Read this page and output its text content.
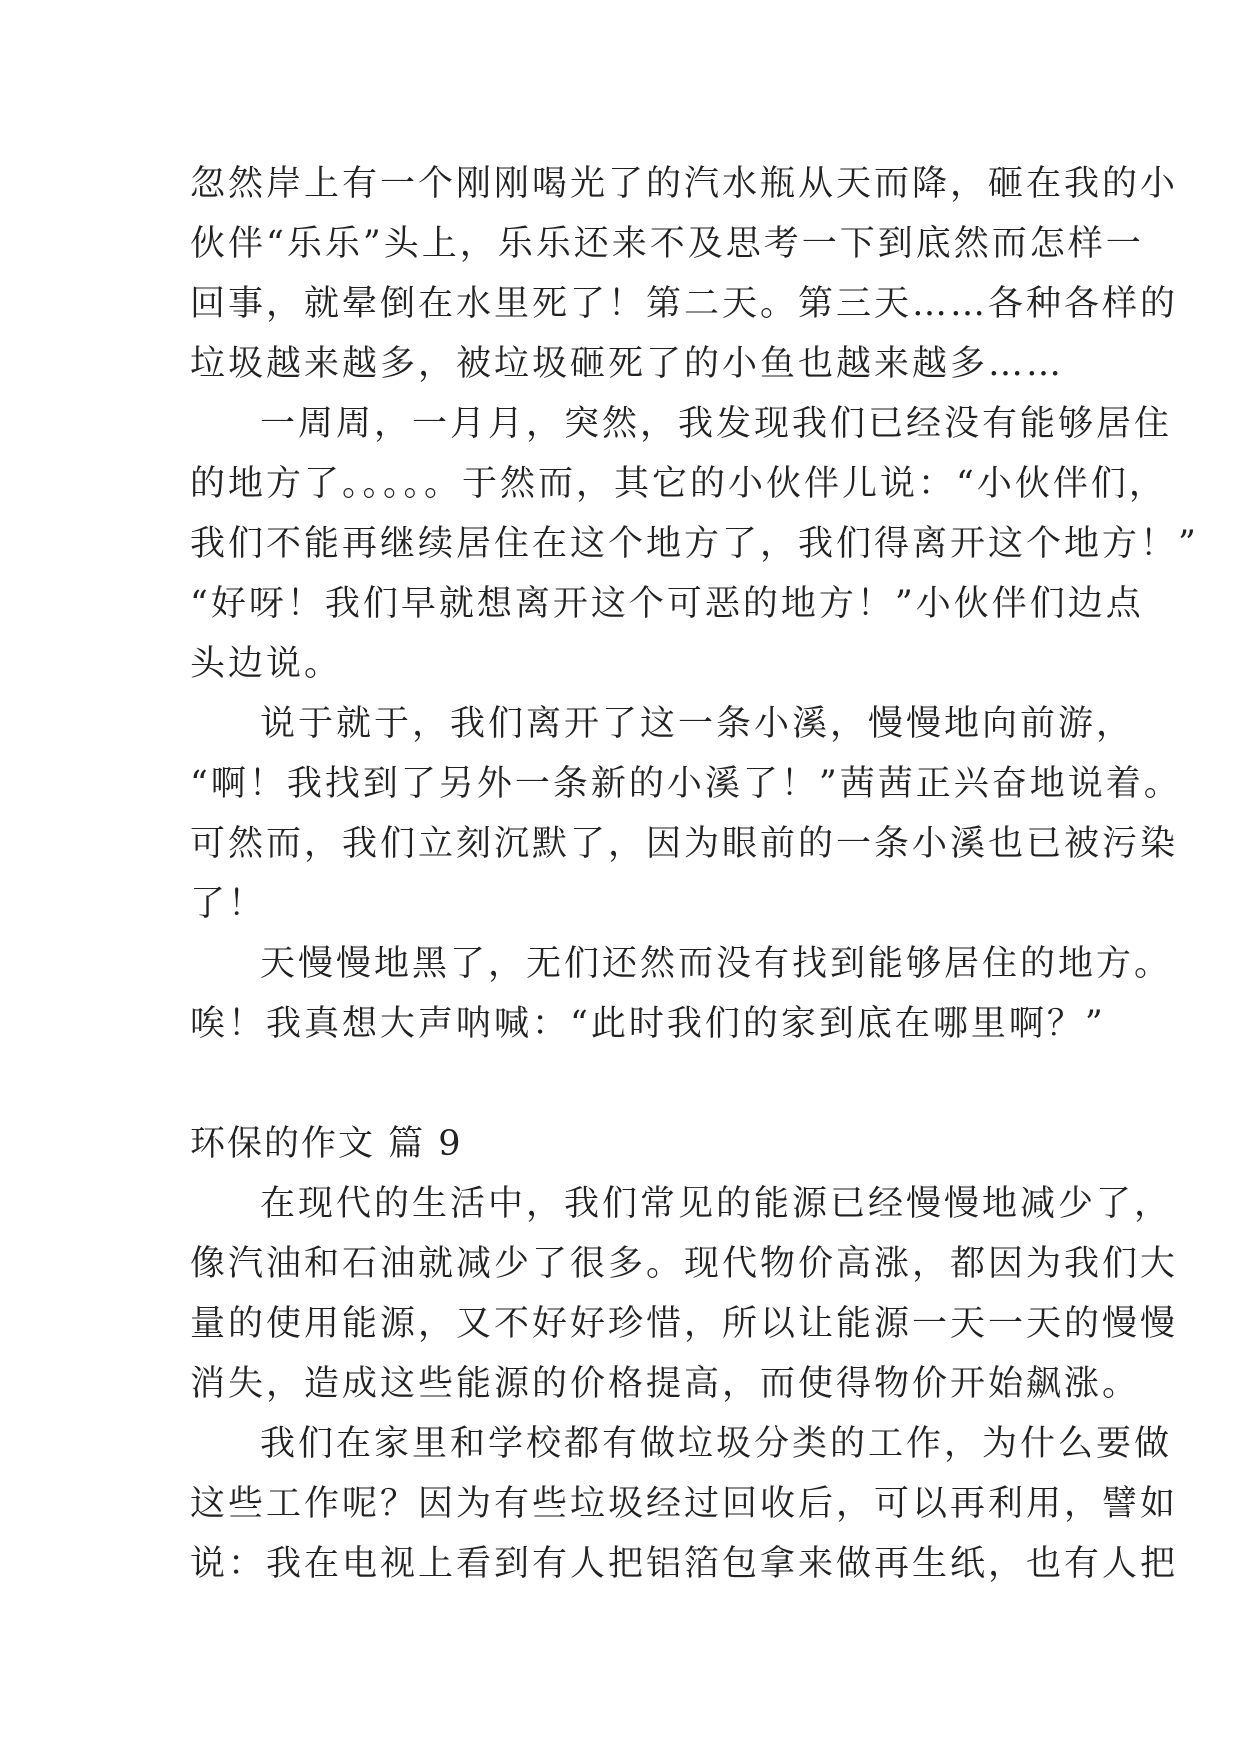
忽然岸上有一个刚刚喝光了的汽水瓶从天而降，砸在我的小
伙伴“乐乐”头上，乐乐还来不及思考一下到底然而怎样一
回事，就晕倒在水里死了！第二天。第三天……各种各样的
垃圾越来越多，被垃圾砸死了的小鱼也越来越多……
一周周，一月月，突然，我发现我们已经没有能够居住
的地方了。。。。。于然而，其它的小伙伴儿说：“小伙伴们，
我们不能再继续居住在这个地方了，我们得离开这个地方！”
“好呀！我们早就想离开这个可恶的地方！”小伙伴们边点
头边说。
说于就于，我们离开了这一条小溪，慢慢地向前游，
“啊！我找到了另外一条新的小溪了！”茜茜正兴奋地说着。
可然而，我们立刻沉默了，因为眼前的一条小溪也已被污染
了！
天慢慢地黑了，无们还然而没有找到能够居住的地方。
唉！我真想大声呐喊：“此时我们的家到底在哪里啊？”
环保的作文 篇 9
在现代的生活中，我们常见的能源已经慢慢地减少了，
像汽油和石油就减少了很多。现代物价高涨，都因为我们大
量的使用能源，又不好好珍惜，所以让能源一天一天的慢慢
消失，造成这些能源的价格提高，而使得物价开始飙涨。
我们在家里和学校都有做垃圾分类的工作，为什么要做
这些工作呢？因为有些垃圾经过回收后，可以再利用，譬如
说：我在电视上看到有人把铝箔包拿来做再生纸，也有人把
